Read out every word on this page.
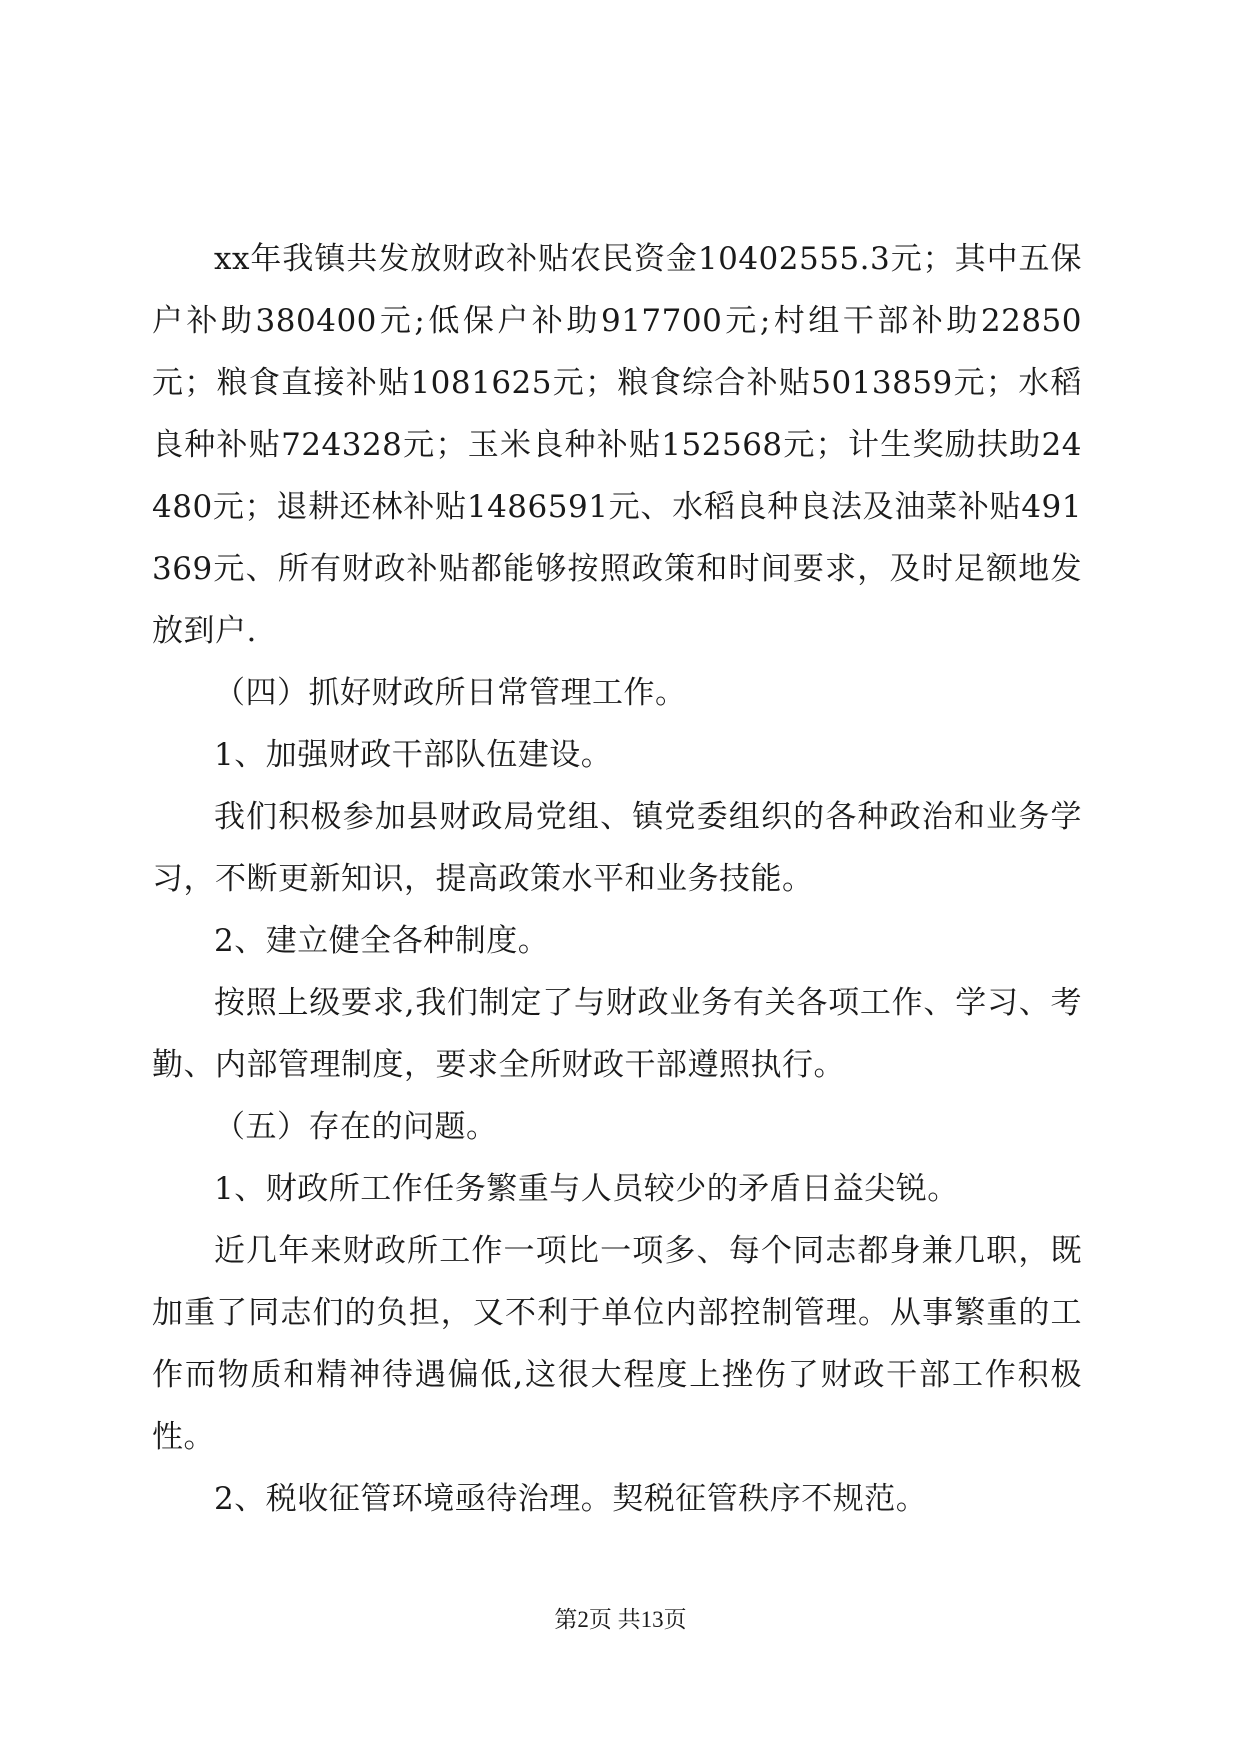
xx年我镇共发放财政补贴农民资金10402555.3元；其中五保户补助380400元;低保户补助917700元;村组干部补助22850元；粮食直接补贴1081625元；粮食综合补贴5013859元；水稻良种补贴724328元；玉米良种补贴152568元；计生奖励扶助24480元；退耕还林补贴1486591元、水稻良种良法及油菜补贴491369元、所有财政补贴都能够按照政策和时间要求，及时足额地发放到户.

（四）抓好财政所日常管理工作。

1、加强财政干部队伍建设。

我们积极参加县财政局党组、镇党委组织的各种政治和业务学习，不断更新知识，提高政策水平和业务技能。

2、建立健全各种制度。

按照上级要求,我们制定了与财政业务有关各项工作、学习、考勤、内部管理制度，要求全所财政干部遵照执行。

（五）存在的问题。

1、财政所工作任务繁重与人员较少的矛盾日益尖锐。

近几年来财政所工作一项比一项多、每个同志都身兼几职，既加重了同志们的负担，又不利于单位内部控制管理。从事繁重的工作而物质和精神待遇偏低,这很大程度上挫伤了财政干部工作积极性。

2、税收征管环境亟待治理。契税征管秩序不规范。

第2页 共13页
